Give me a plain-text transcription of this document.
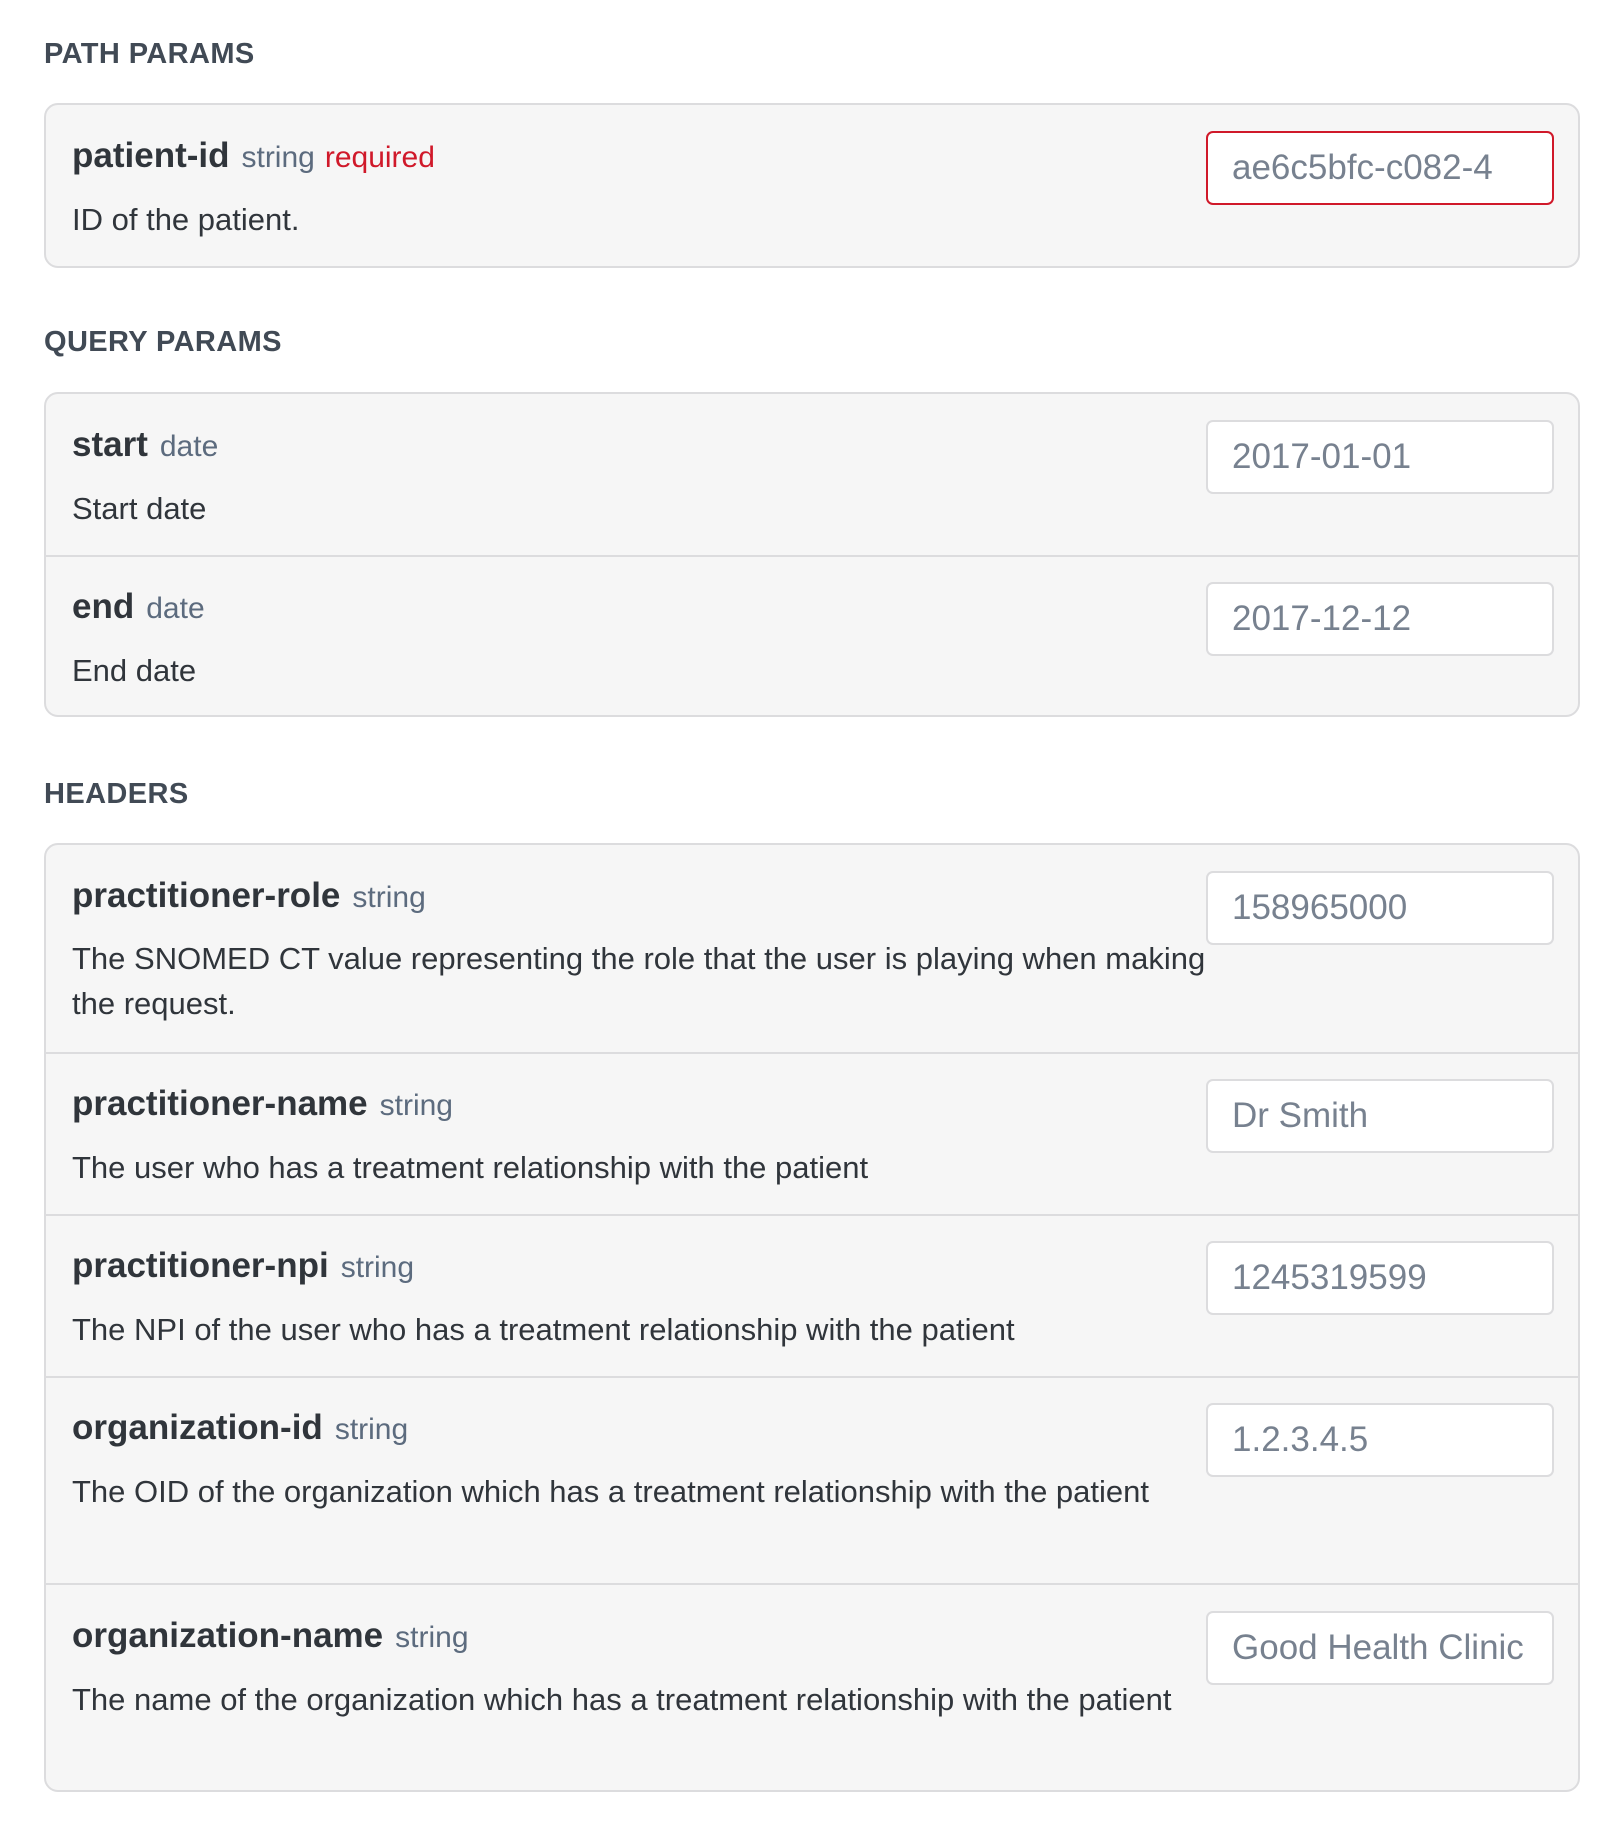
PATH PARAMS
patient-id string required
ID of the patient.
ae6c5bfc-c082-4
QUERY PARAMS
start date
Start date
2017-01-01
end date
End date
2017-12-12
HEADERS
practitioner-role string
The SNOMED CT value representing the role that the user is playing when making the request.
158965000
practitioner-name string
The user who has a treatment relationship with the patient
Dr Smith
practitioner-npi string
The NPI of the user who has a treatment relationship with the patient
1245319599
organization-id string
The OID of the organization which has a treatment relationship with the patient
1.2.3.4.5
organization-name string
The name of the organization which has a treatment relationship with the patient
Good Health Clinic
